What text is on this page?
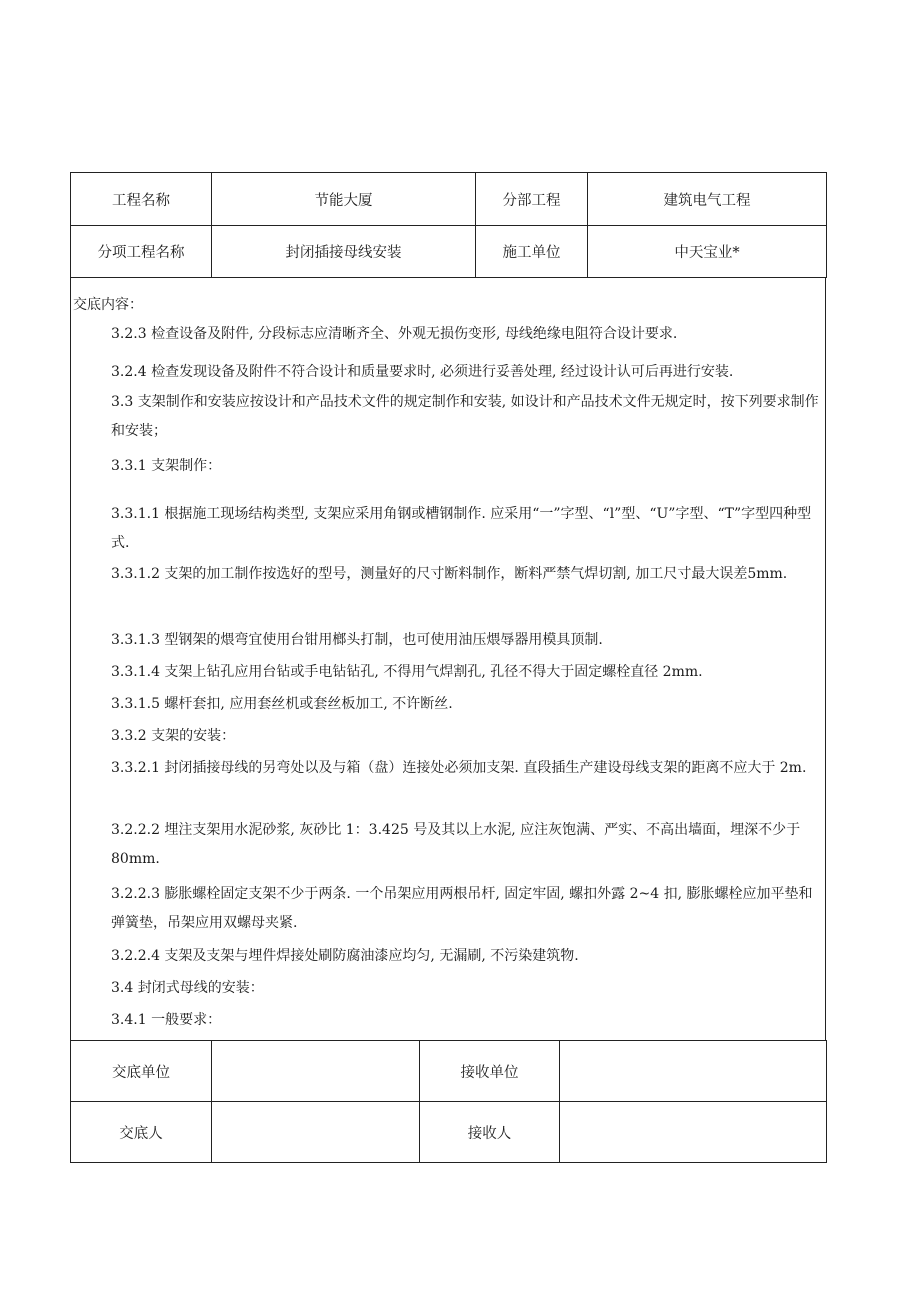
工程名称	节能大厦	分部工程	建筑电气工程
分项工程名称	封闭插接母线安装	施工单位	中天宝业*
交底内容：
3.2.3 检查设备及附件, 分段标志应清晰齐全、外观无损伤变形, 母线绝缘电阻符合设计要求.
3.2.4 检查发现设备及附件不符合设计和质量要求时, 必须进行妥善处理, 经过设计认可后再进行安装.
3.3 支架制作和安装应按设计和产品技术文件的规定制作和安装, 如设计和产品技术文件无规定时，按下列要求制作和安装；
3.3.1 支架制作：
3.3.1.1 根据施工现场结构类型, 支架应采用角钢或槽钢制作. 应采用“一”字型、“l”型、“U”字型、“T”字型四种型式.
3.3.1.2 支架的加工制作按选好的型号，测量好的尺寸断料制作，断料严禁气焊切割, 加工尺寸最大误差5mm.
3.3.1.3 型钢架的煨弯宜使用台钳用榔头打制，也可使用油压煨辱器用模具顶制.
3.3.1.4 支架上钻孔应用台钻或手电钻钻孔, 不得用气焊割孔, 孔径不得大于固定螺栓直径 2mm.
3.3.1.5 螺杆套扣, 应用套丝机或套丝板加工, 不许断丝.
3.3.2 支架的安装：
3.3.2.1 封闭插接母线的另弯处以及与箱（盘）连接处必须加支架. 直段插生产建设母线支架的距离不应大于 2m.
3.2.2.2 埋注支架用水泥砂浆, 灰砂比 1：3.425 号及其以上水泥, 应注灰饱满、严实、不高出墙面，埋深不少于 80mm.
3.2.2.3 膨胀螺栓固定支架不少于两条. 一个吊架应用两根吊杆, 固定牢固, 螺扣外露 2~4 扣, 膨胀螺栓应加平垫和弹簧垫，吊架应用双螺母夹紧.
3.2.2.4 支架及支架与埋件焊接处刷防腐油漆应均匀, 无漏刷, 不污染建筑物.
3.4 封闭式母线的安装：
3.4.1 一般要求：
交底单位		接收单位	
交底人		接收人	
